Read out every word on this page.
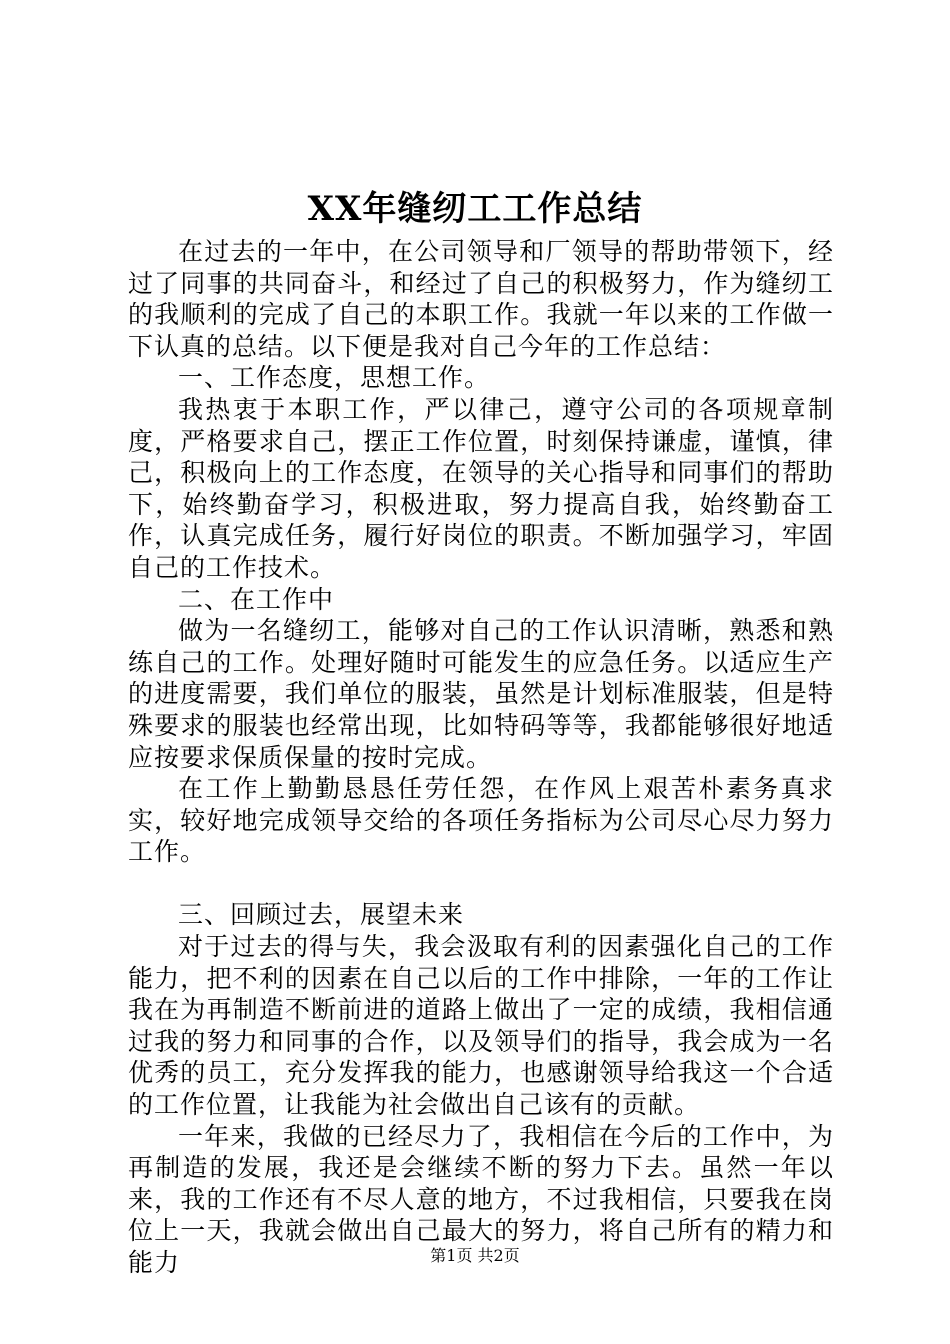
XX年缝纫工工作总结

在过去的一年中，在公司领导和厂领导的帮助带领下，经过了同事的共同奋斗，和经过了自己的积极努力，作为缝纫工的我顺利的完成了自己的本职工作。我就一年以来的工作做一下认真的总结。以下便是我对自己今年的工作总结：

一、工作态度，思想工作。

我热衷于本职工作，严以律己，遵守公司的各项规章制度，严格要求自己，摆正工作位置，时刻保持谦虚，谨慎，律己，积极向上的工作态度，在领导的关心指导和同事们的帮助下，始终勤奋学习，积极进取，努力提高自我，始终勤奋工作，认真完成任务，履行好岗位的职责。不断加强学习，牢固自己的工作技术。

二、在工作中

做为一名缝纫工，能够对自己的工作认识清晰，熟悉和熟练自己的工作。处理好随时可能发生的应急任务。以适应生产的进度需要，我们单位的服装，虽然是计划标准服装，但是特殊要求的服装也经常出现，比如特码等等，我都能够很好地适应按要求保质保量的按时完成。

在工作上勤勤恳恳任劳任怨，在作风上艰苦朴素务真求实，较好地完成领导交给的各项任务指标为公司尽心尽力努力工作。

三、回顾过去，展望未来

对于过去的得与失，我会汲取有利的因素强化自己的工作能力，把不利的因素在自己以后的工作中排除，一年的工作让我在为再制造不断前进的道路上做出了一定的成绩，我相信通过我的努力和同事的合作，以及领导们的指导，我会成为一名优秀的员工，充分发挥我的能力，也感谢领导给我这一个合适的工作位置，让我能为社会做出自己该有的贡献。

一年来，我做的已经尽力了，我相信在今后的工作中，为再制造的发展，我还是会继续不断的努力下去。虽然一年以来，我的工作还有不尽人意的地方，不过我相信，只要我在岗位上一天，我就会做出自己最大的努力，将自己所有的精力和能力	第1页 共2页
